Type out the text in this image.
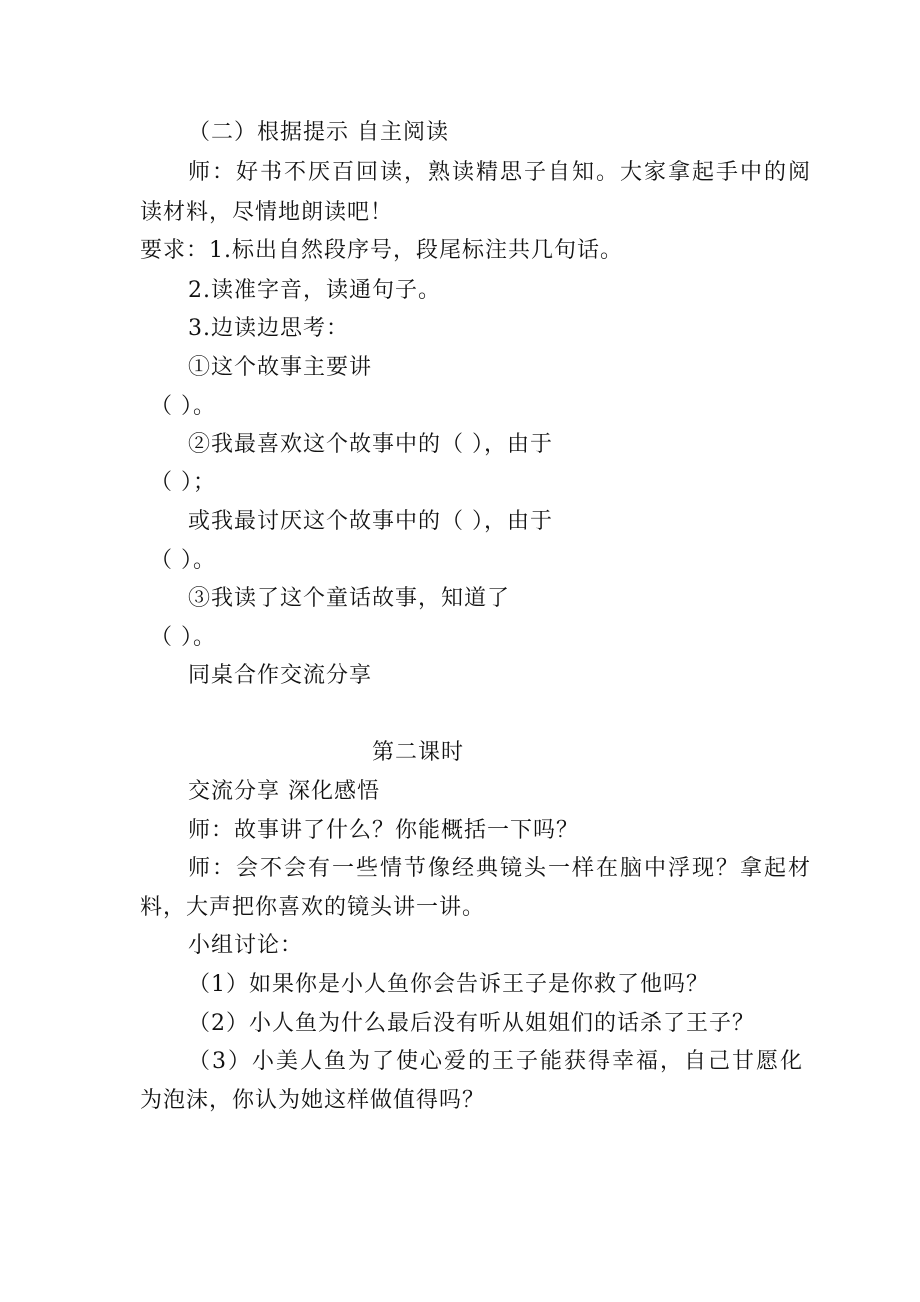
（二）根据提示 自主阅读
师：好书不厌百回读，熟读精思子自知。大家拿起手中的阅
读材料，尽情地朗读吧！
要求：1.标出自然段序号，段尾标注共几句话。
2.读准字音，读通句子。
3.边读边思考：
①这个故事主要讲
（ ）。
②我最喜欢这个故事中的（ ），由于
（ ）；
或我最讨厌这个故事中的（ ），由于
（ ）。
③我读了这个童话故事，知道了
（ ）。
同桌合作交流分享
第二课时
交流分享 深化感悟
师：故事讲了什么？你能概括一下吗？
师：会不会有一些情节像经典镜头一样在脑中浮现？拿起材
料，大声把你喜欢的镜头讲一讲。
小组讨论：
（1）如果你是小人鱼你会告诉王子是你救了他吗？
（2）小人鱼为什么最后没有听从姐姐们的话杀了王子？
（3）小美人鱼为了使心爱的王子能获得幸福，自己甘愿化
为泡沫，你认为她这样做值得吗？
